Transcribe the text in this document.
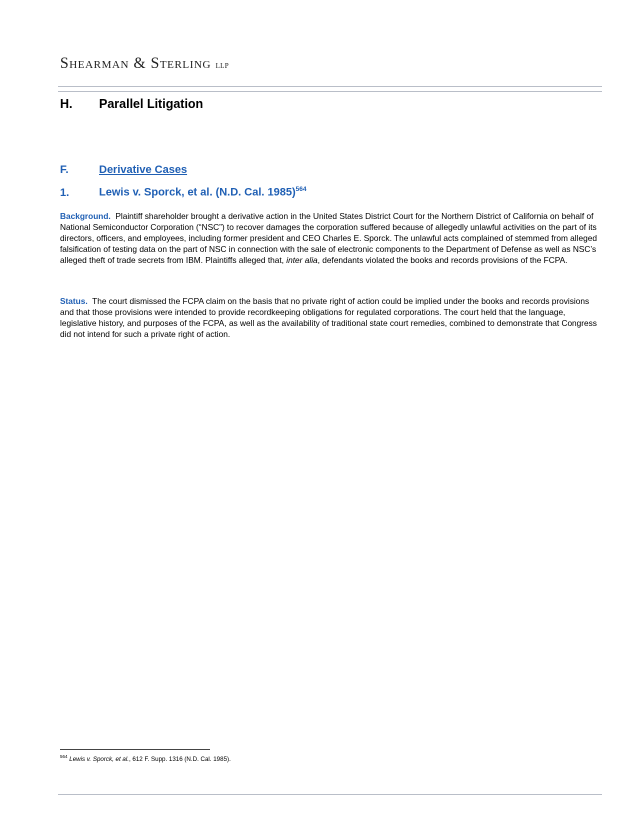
Shearman & Sterling LLP
H. Parallel Litigation
F.	Derivative Cases
1.	Lewis v. Sporck, et al. (N.D. Cal. 1985)$^{564}$
Background. Plaintiff shareholder brought a derivative action in the United States District Court for the Northern District of California on behalf of National Semiconductor Corporation (“NSC”) to recover damages the corporation suffered because of allegedly unlawful activities on the part of its directors, officers, and employees, including former president and CEO Charles E. Sporck. The unlawful acts complained of stemmed from alleged falsification of testing data on the part of NSC in connection with the sale of electronic components to the Department of Defense as well as NSC’s alleged theft of trade secrets from IBM. Plaintiffs alleged that, inter alia, defendants violated the books and records provisions of the FCPA.
Status. The court dismissed the FCPA claim on the basis that no private right of action could be implied under the books and records provisions and that those provisions were intended to provide recordkeeping obligations for regulated corporations. The court held that the language, legislative history, and purposes of the FCPA, as well as the availability of traditional state court remedies, combined to demonstrate that Congress did not intend for such a private right of action.
$^{564}$ Lewis v. Sporck, et al., 612 F. Supp. 1316 (N.D. Cal. 1985).
